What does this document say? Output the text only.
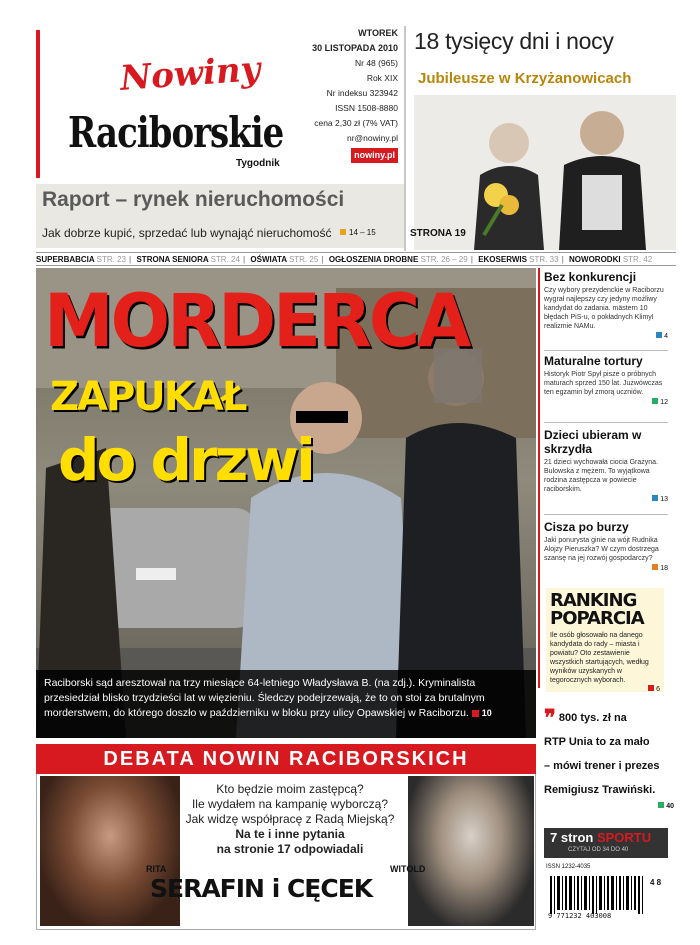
Nowiny
Raciborskie
Tygodnik
WTOREK
30 LISTOPADA 2010
Nr 48 (965)
Rok XIX
Nr indeksu 323942
ISSN 1508-8880
cena 2,30 zł (7% VAT)
nr@nowiny.pl
nowiny.pl
18 tysięcy dni i nocy
Jubileusze w Krzyżanowicach
Raport – rynek nieruchomości
Jak dobrze kupić, sprzedać lub wynająć nieruchomość	14 – 15	STRONA 19
SUPERBABCIA STR. 23 | STRONA SENIORA STR. 24 | OŚWIATA STR. 25 | OGŁOSZENIA DROBNE STR. 26 – 29 | EKOSERWIS STR. 33 | NOWORODKI STR. 42
MORDERCA
ZAPUKAŁ
do drzwi
Raciborski sąd aresztował na trzy miesiące 64-letniego Władysława B. (na zdj.). Kryminalista przesiedział blisko trzydzieści lat w więzieniu. Śledczy podejrzewają, że to on stoi za brutalnym morderstwem, do którego doszło w październiku w bloku przy ulicy Opawskiej w Raciborzu. 10
Bez konkurencji

Czy wybory prezydenckie w Raciborzu wygrał najlepszy czy jedyny możliwy kandydat do zadania. mästern 10 błędach PiS-u, o pokładnych KlimyI realizmie NAMu.

4
Maturalne tortury

Historyk Piotr Spył pisze o próbnych maturach sprzed 150 lat. Jużwówczas ten egzamin był zmorą uczniów.

12
Dzieci ubieram w skrzydła

21 dzieci wychowała ciocia Grażyna. Bulowska z mężem. To wyjątkowa rodzina zastępcza w powiecie raciborskim.

13
Cisza po burzy

Jaki ponurysta ginie na wójt Rudnika Alojzy Pieruszka? W czym dostrzega szansę na jej rozwój gospodarczy?

18
RANKING
POPARCIA

Ile osób głosowało na danego kandydata do rady – miasta i powiatu? Oto zestawienie wszystkich startujących, według wyników uzyskanych w tegorocznych wyborach.

6
❞ 800 tys. zł na
RTP Unia to za mało
– mówi trener i prezes
Remigiusz Trawiński.
40
7 stron SPORTU
CZYTAJ OD 34 DO 40
ISSN 1232-4035
9 771232 403008
4 8
DEBATA NOWIN RACIBORSKICH
Kto będzie moim zastępcą?
Ile wydałem na kampanię wyborczą?
Jak widzę współpracę z Radą Miejską?
Na te i inne pytania
na stronie 17 odpowiadali
RITA	WITOLD
SERAFIN i CĘCEK
